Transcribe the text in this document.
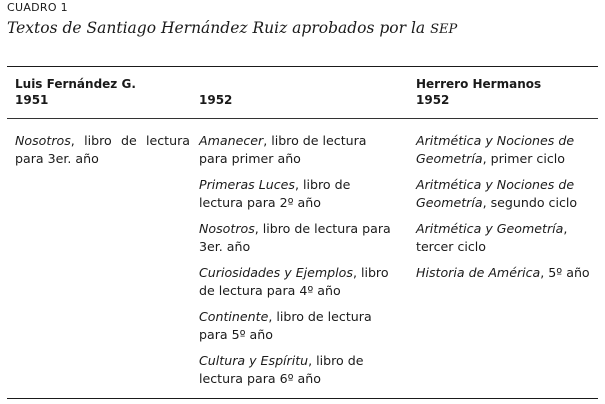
CUADRO 1
Textos de Santiago Hernández Ruiz aprobados por la SEP
Luis Fernández G.
1951	1952
Herrero Hermanos
1952
Nosotros, libro de lectura para 3er. año
Amanecer, libro de lectura para primer año
Primeras Luces, libro de lectura para 2º año
Nosotros, libro de lectura para 3er. año
Curiosidades y Ejemplos, libro de lectura para 4º año
Continente, libro de lectura para 5º año
Cultura y Espíritu, libro de lectura para 6º año
Aritmética y Nociones de Geometría, primer ciclo
Aritmética y Nociones de Geometría, segundo ciclo
Aritmética y Geometría, tercer ciclo
Historia de América, 5º año
